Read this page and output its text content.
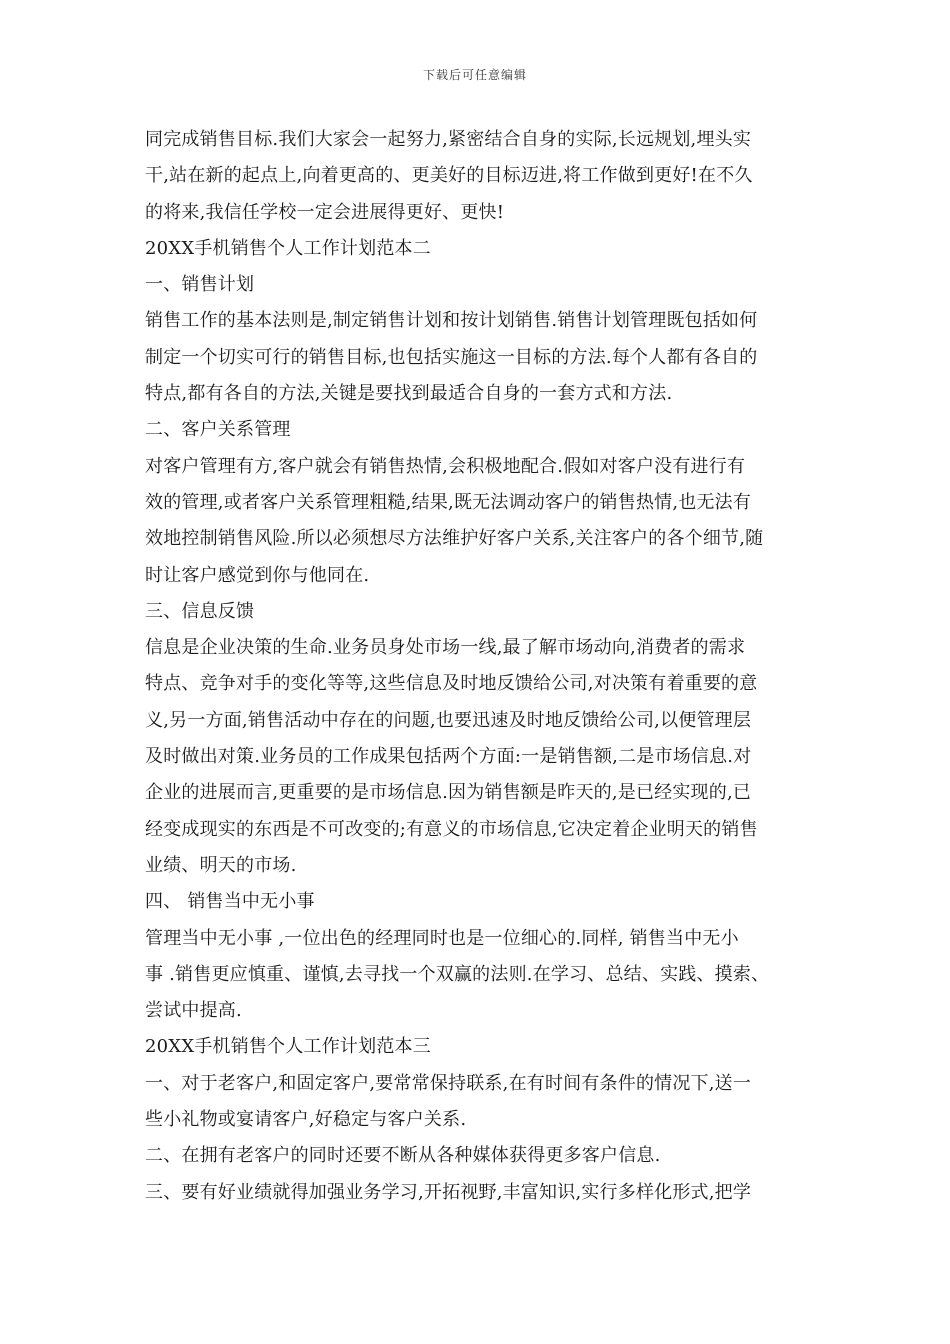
下载后可任意编辑
同完成销售目标.我们大家会一起努力,紧密结合自身的实际,长远规划,埋头实
干,站在新的起点上,向着更高的、更美好的目标迈进,将工作做到更好!在不久
的将来,我信任学校一定会进展得更好、更快!
20XX手机销售个人工作计划范本二
一、销售计划
销售工作的基本法则是,制定销售计划和按计划销售.销售计划管理既包括如何
制定一个切实可行的销售目标,也包括实施这一目标的方法.每个人都有各自的
特点,都有各自的方法,关键是要找到最适合自身的一套方式和方法.
二、客户关系管理
对客户管理有方,客户就会有销售热情,会积极地配合.假如对客户没有进行有
效的管理,或者客户关系管理粗糙,结果,既无法调动客户的销售热情,也无法有
效地控制销售风险.所以必须想尽方法维护好客户关系,关注客户的各个细节,随
时让客户感觉到你与他同在.
三、信息反馈
信息是企业决策的生命.业务员身处市场一线,最了解市场动向,消费者的需求
特点、竞争对手的变化等等,这些信息及时地反馈给公司,对决策有着重要的意
义,另一方面,销售活动中存在的问题,也要迅速及时地反馈给公司,以便管理层
及时做出对策.业务员的工作成果包括两个方面:一是销售额,二是市场信息.对
企业的进展而言,更重要的是市场信息.因为销售额是昨天的,是已经实现的,已
经变成现实的东西是不可改变的;有意义的市场信息,它决定着企业明天的销售
业绩、明天的市场.
四、 销售当中无小事
管理当中无小事 ,一位出色的经理同时也是一位细心的.同样, 销售当中无小
事 .销售更应慎重、谨慎,去寻找一个双赢的法则.在学习、总结、实践、摸索、
尝试中提高.
20XX手机销售个人工作计划范本三
一、对于老客户,和固定客户,要常常保持联系,在有时间有条件的情况下,送一
些小礼物或宴请客户,好稳定与客户关系.
二、在拥有老客户的同时还要不断从各种媒体获得更多客户信息.
三、要有好业绩就得加强业务学习,开拓视野,丰富知识,实行多样化形式,把学
